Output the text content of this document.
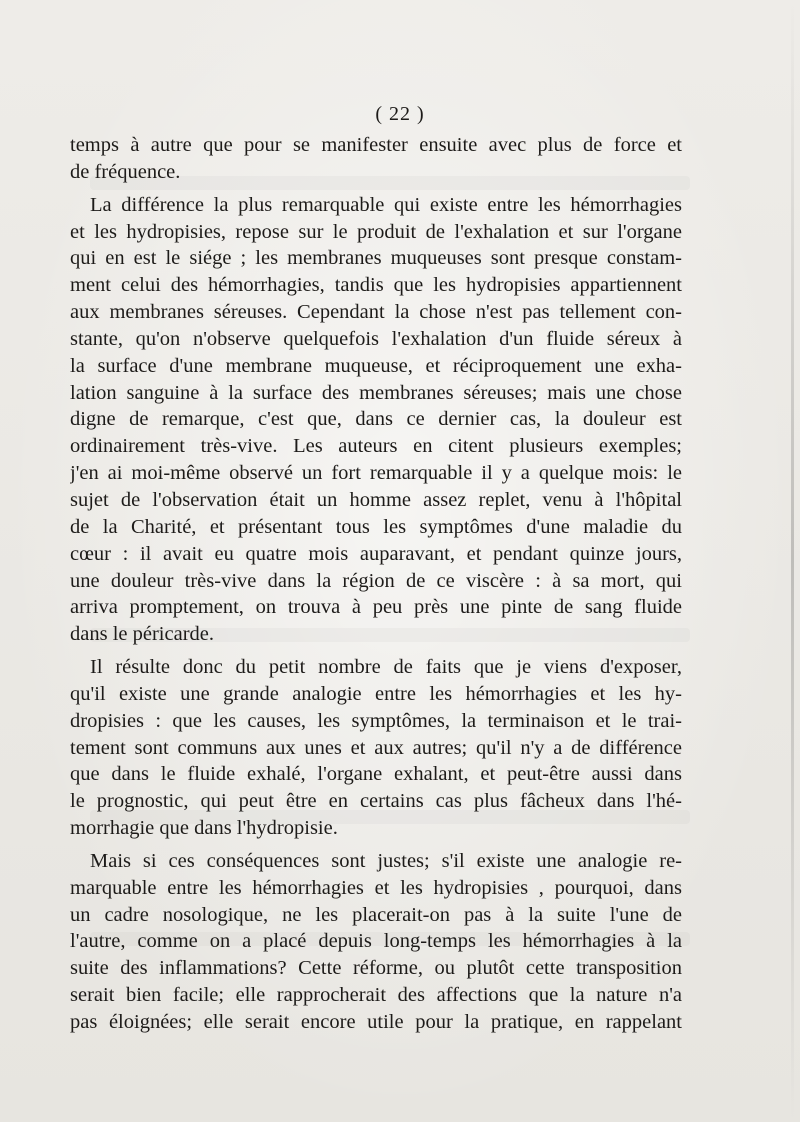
( 22 )
temps à autre que pour se manifester ensuite avec plus de force et
de fréquence.
La différence la plus remarquable qui existe entre les hémorrhagies
et les hydropisies, repose sur le produit de l'exhalation et sur l'organe
qui en est le siége ; les membranes muqueuses sont presque constam-
ment celui des hémorrhagies, tandis que les hydropisies appartiennent
aux membranes séreuses. Cependant la chose n'est pas tellement con-
stante, qu'on n'observe quelquefois l'exhalation d'un fluide séreux à
la surface d'une membrane muqueuse, et réciproquement une exha-
lation sanguine à la surface des membranes séreuses; mais une chose
digne de remarque, c'est que, dans ce dernier cas, la douleur est
ordinairement très-vive. Les auteurs en citent plusieurs exemples;
j'en ai moi-même observé un fort remarquable il y a quelque mois: le
sujet de l'observation était un homme assez replet, venu à l'hôpital
de la Charité, et présentant tous les symptômes d'une maladie du
cœur : il avait eu quatre mois auparavant, et pendant quinze jours,
une douleur très-vive dans la région de ce viscère : à sa mort, qui
arriva promptement, on trouva à peu près une pinte de sang fluide
dans le péricarde.
Il résulte donc du petit nombre de faits que je viens d'exposer,
qu'il existe une grande analogie entre les hémorrhagies et les hy-
dropisies : que les causes, les symptômes, la terminaison et le trai-
tement sont communs aux unes et aux autres; qu'il n'y a de différence
que dans le fluide exhalé, l'organe exhalant, et peut-être aussi dans
le prognostic, qui peut être en certains cas plus fâcheux dans l'hé-
morrhagie que dans l'hydropisie.
Mais si ces conséquences sont justes; s'il existe une analogie re-
marquable entre les hémorrhagies et les hydropisies , pourquoi, dans
un cadre nosologique, ne les placerait-on pas à la suite l'une de
l'autre, comme on a placé depuis long-temps les hémorrhagies à la
suite des inflammations? Cette réforme, ou plutôt cette transposition
serait bien facile; elle rapprocherait des affections que la nature n'a
pas éloignées; elle serait encore utile pour la pratique, en rappelant
